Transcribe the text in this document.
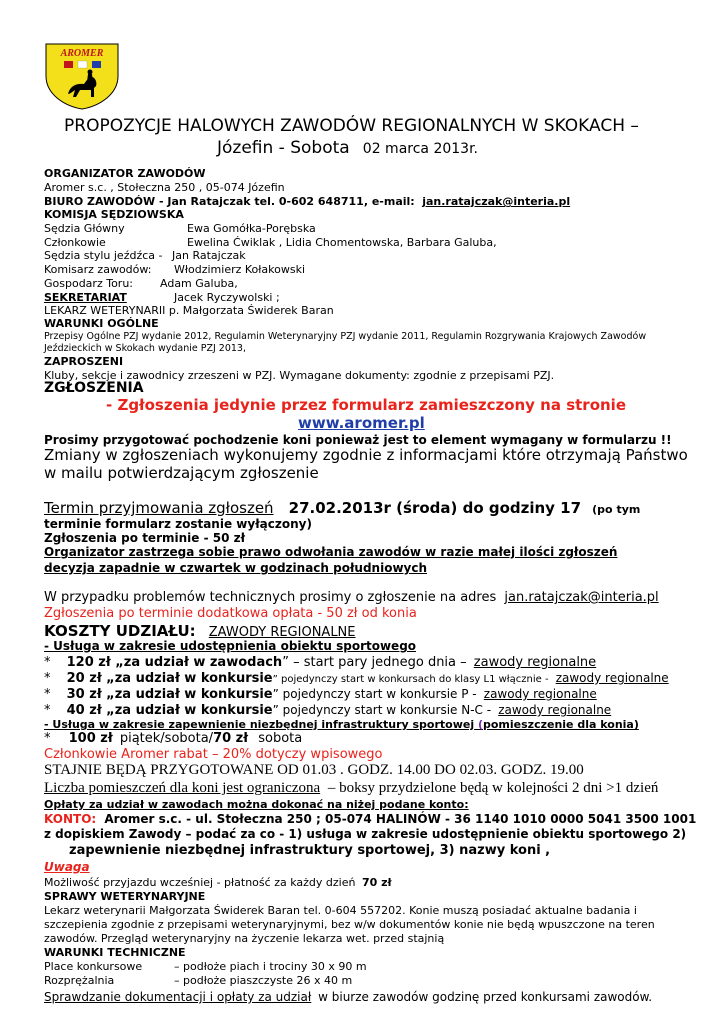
AROMER
PROPOZYCJE HALOWYCH ZAWODÓW REGIONALNYCH W SKOKACH –
Józefin - Sobota 02 marca 2013r.
ORGANIZATOR ZAWODÓW
Aromer s.c. , Stołeczna 250 , 05-074 Józefin
BIURO ZAWODÓW - Jan Ratajczak tel. 0-602 648711, e-mail: jan.ratajczak@interia.pl
KOMISJA SĘDZIOWSKA
Sędzia Główny	Ewa Gomółka-Porębska
Członkowie	Ewelina Ćwiklak , Lidia Chomentowska, Barbara Galuba,
Sędzia stylu jeźdźca - Jan Ratajczak
Komisarz zawodów: Włodzimierz Kołakowski
Gospodarz Toru: Adam Galuba,
SEKRETARIAT	Jacek Ryczywolski ;
LEKARZ WETERYNARII p. Małgorzata Świderek Baran
WARUNKI OGÓLNE
Przepisy Ogólne PZJ wydanie 2012, Regulamin Weterynaryjny PZJ wydanie 2011, Regulamin Rozgrywania Krajowych Zawodów
Jeździeckich w Skokach wydanie PZJ 2013,
ZAPROSZENI
Kluby, sekcje i zawodnicy zrzeszeni w PZJ. Wymagane dokumenty: zgodnie z przepisami PZJ.
ZGŁOSZENIA
- Zgłoszenia jedynie przez formularz zamieszczony na stronie
www.aromer.pl
Prosimy przygotować pochodzenie koni ponieważ jest to element wymagany w formularzu !!
Zmiany w zgłoszeniach wykonujemy zgodnie z informacjami które otrzymają Państwo
w mailu potwierdzającym zgłoszenie
Termin przyjmowania zgłoszeń 27.02.2013r (środa) do godziny 17 (po tym
terminie formularz zostanie wyłączony)
Zgłoszenia po terminie - 50 zł
Organizator zastrzega sobie prawo odwołania zawodów w razie małej ilości zgłoszeń
decyzja zapadnie w czwartek w godzinach południowych
W przypadku problemów technicznych prosimy o zgłoszenie na adres jan.ratajczak@interia.pl
Zgłoszenia po terminie dodatkowa opłata - 50 zł od konia
KOSZTY UDZIAŁU: ZAWODY REGIONALNE
- Usługa w zakresie udostępnienia obiektu sportowego
* 120 zł „za udział w zawodach” – start pary jednego dnia – zawody regionalne
* 20 zł „za udział w konkursie” pojedynczy start w konkursach do klasy L1 włącznie - zawody regionalne
* 30 zł „za udział w konkursie” pojedynczy start w konkursie P - zawody regionalne
* 40 zł „za udział w konkursie” pojedynczy start w konkursie N-C - zawody regionalne
- Usługa w zakresie zapewnienie niezbędnej infrastruktury sportowej (pomieszczenie dla konia)
* 100 zł piątek/sobota/70 zł sobota
Członkowie Aromer rabat – 20% dotyczy wpisowego
STAJNIE BĘDĄ PRZYGOTOWANE OD 01.03 . GODZ. 14.00 DO 02.03. GODZ. 19.00
Liczba pomieszczeń dla koni jest ograniczona – boksy przydzielone będą w kolejności 2 dni >1 dzień
Opłaty za udział w zawodach można dokonać na niżej podane konto:
KONTO: Aromer s.c. - ul. Stołeczna 250 ; 05-074 HALINÓW - 36 1140 1010 0000 5041 3500 1001
z dopiskiem Zawody – podać za co - 1) usługa w zakresie udostępnienie obiektu sportowego 2)
zapewnienie niezbędnej infrastruktury sportowej, 3) nazwy koni ,
Uwaga
Możliwość przyjazdu wcześniej - płatność za każdy dzień 70 zł
SPRAWY WETERYNARYJNE
Lekarz weterynarii Małgorzata Świderek Baran tel. 0-604 557202. Konie muszą posiadać aktualne badania i
szczepienia zgodnie z przepisami weterynaryjnymi, bez w/w dokumentów konie nie będą wpuszczone na teren
zawodów. Przegląd weterynaryjny na życzenie lekarza wet. przed stajnią
WARUNKI TECHNICZNE
Place konkursowe	– podłoże piach i trociny 30 x 90 m
Rozprężalnia	– podłoże piaszczyste 26 x 40 m
Sprawdzanie dokumentacji i opłaty za udział w biurze zawodów godzinę przed konkursami zawodów.
